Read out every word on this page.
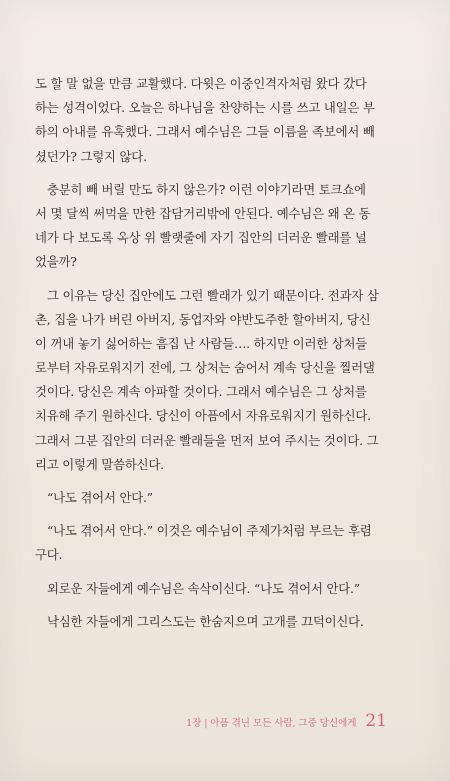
도 할 말 없을 만큼 교활했다. 다윗은 이중인격자처럼 왔다 갔다
하는 성격이었다. 오늘은 하나님을 찬양하는 시를 쓰고 내일은 부
하의 아내를 유혹했다. 그래서 예수님은 그들 이름을 족보에서 빼
셨던가? 그렇지 않다.
충분히 빼 버릴 만도 하지 않은가? 이런 이야기라면 토크쇼에
서 몇 달씩 써먹을 만한 잡담거리밖에 안된다. 예수님은 왜 온 동
네가 다 보도록 옥상 위 빨랫줄에 자기 집안의 더러운 빨래를 널
었을까?
그 이유는 당신 집안에도 그런 빨래가 있기 때문이다. 전과자 삼
촌, 집을 나가 버린 아버지, 동업자와 야반도주한 할아버지, 당신
이 꺼내 놓기 싫어하는 흠집 난 사람들…. 하지만 이러한 상처들
로부터 자유로워지기 전에, 그 상처는 숨어서 계속 당신을 찔러댈
것이다. 당신은 계속 아파할 것이다. 그래서 예수님은 그 상처를
치유해 주기 원하신다. 당신이 아픔에서 자유로워지기 원하신다.
그래서 그분 집안의 더러운 빨래들을 먼저 보여 주시는 것이다. 그
리고 이렇게 말씀하신다.
“나도 겪어서 안다.”
“나도 겪어서 안다.” 이것은 예수님이 주제가처럼 부르는 후렴
구다.
외로운 자들에게 예수님은 속삭이신다. “나도 겪어서 안다.”
낙심한 자들에게 그리스도는 한숨지으며 고개를 끄덕이신다.
1장 | 아픔 겪닌 모든 사람, 그중 당신에게 21
